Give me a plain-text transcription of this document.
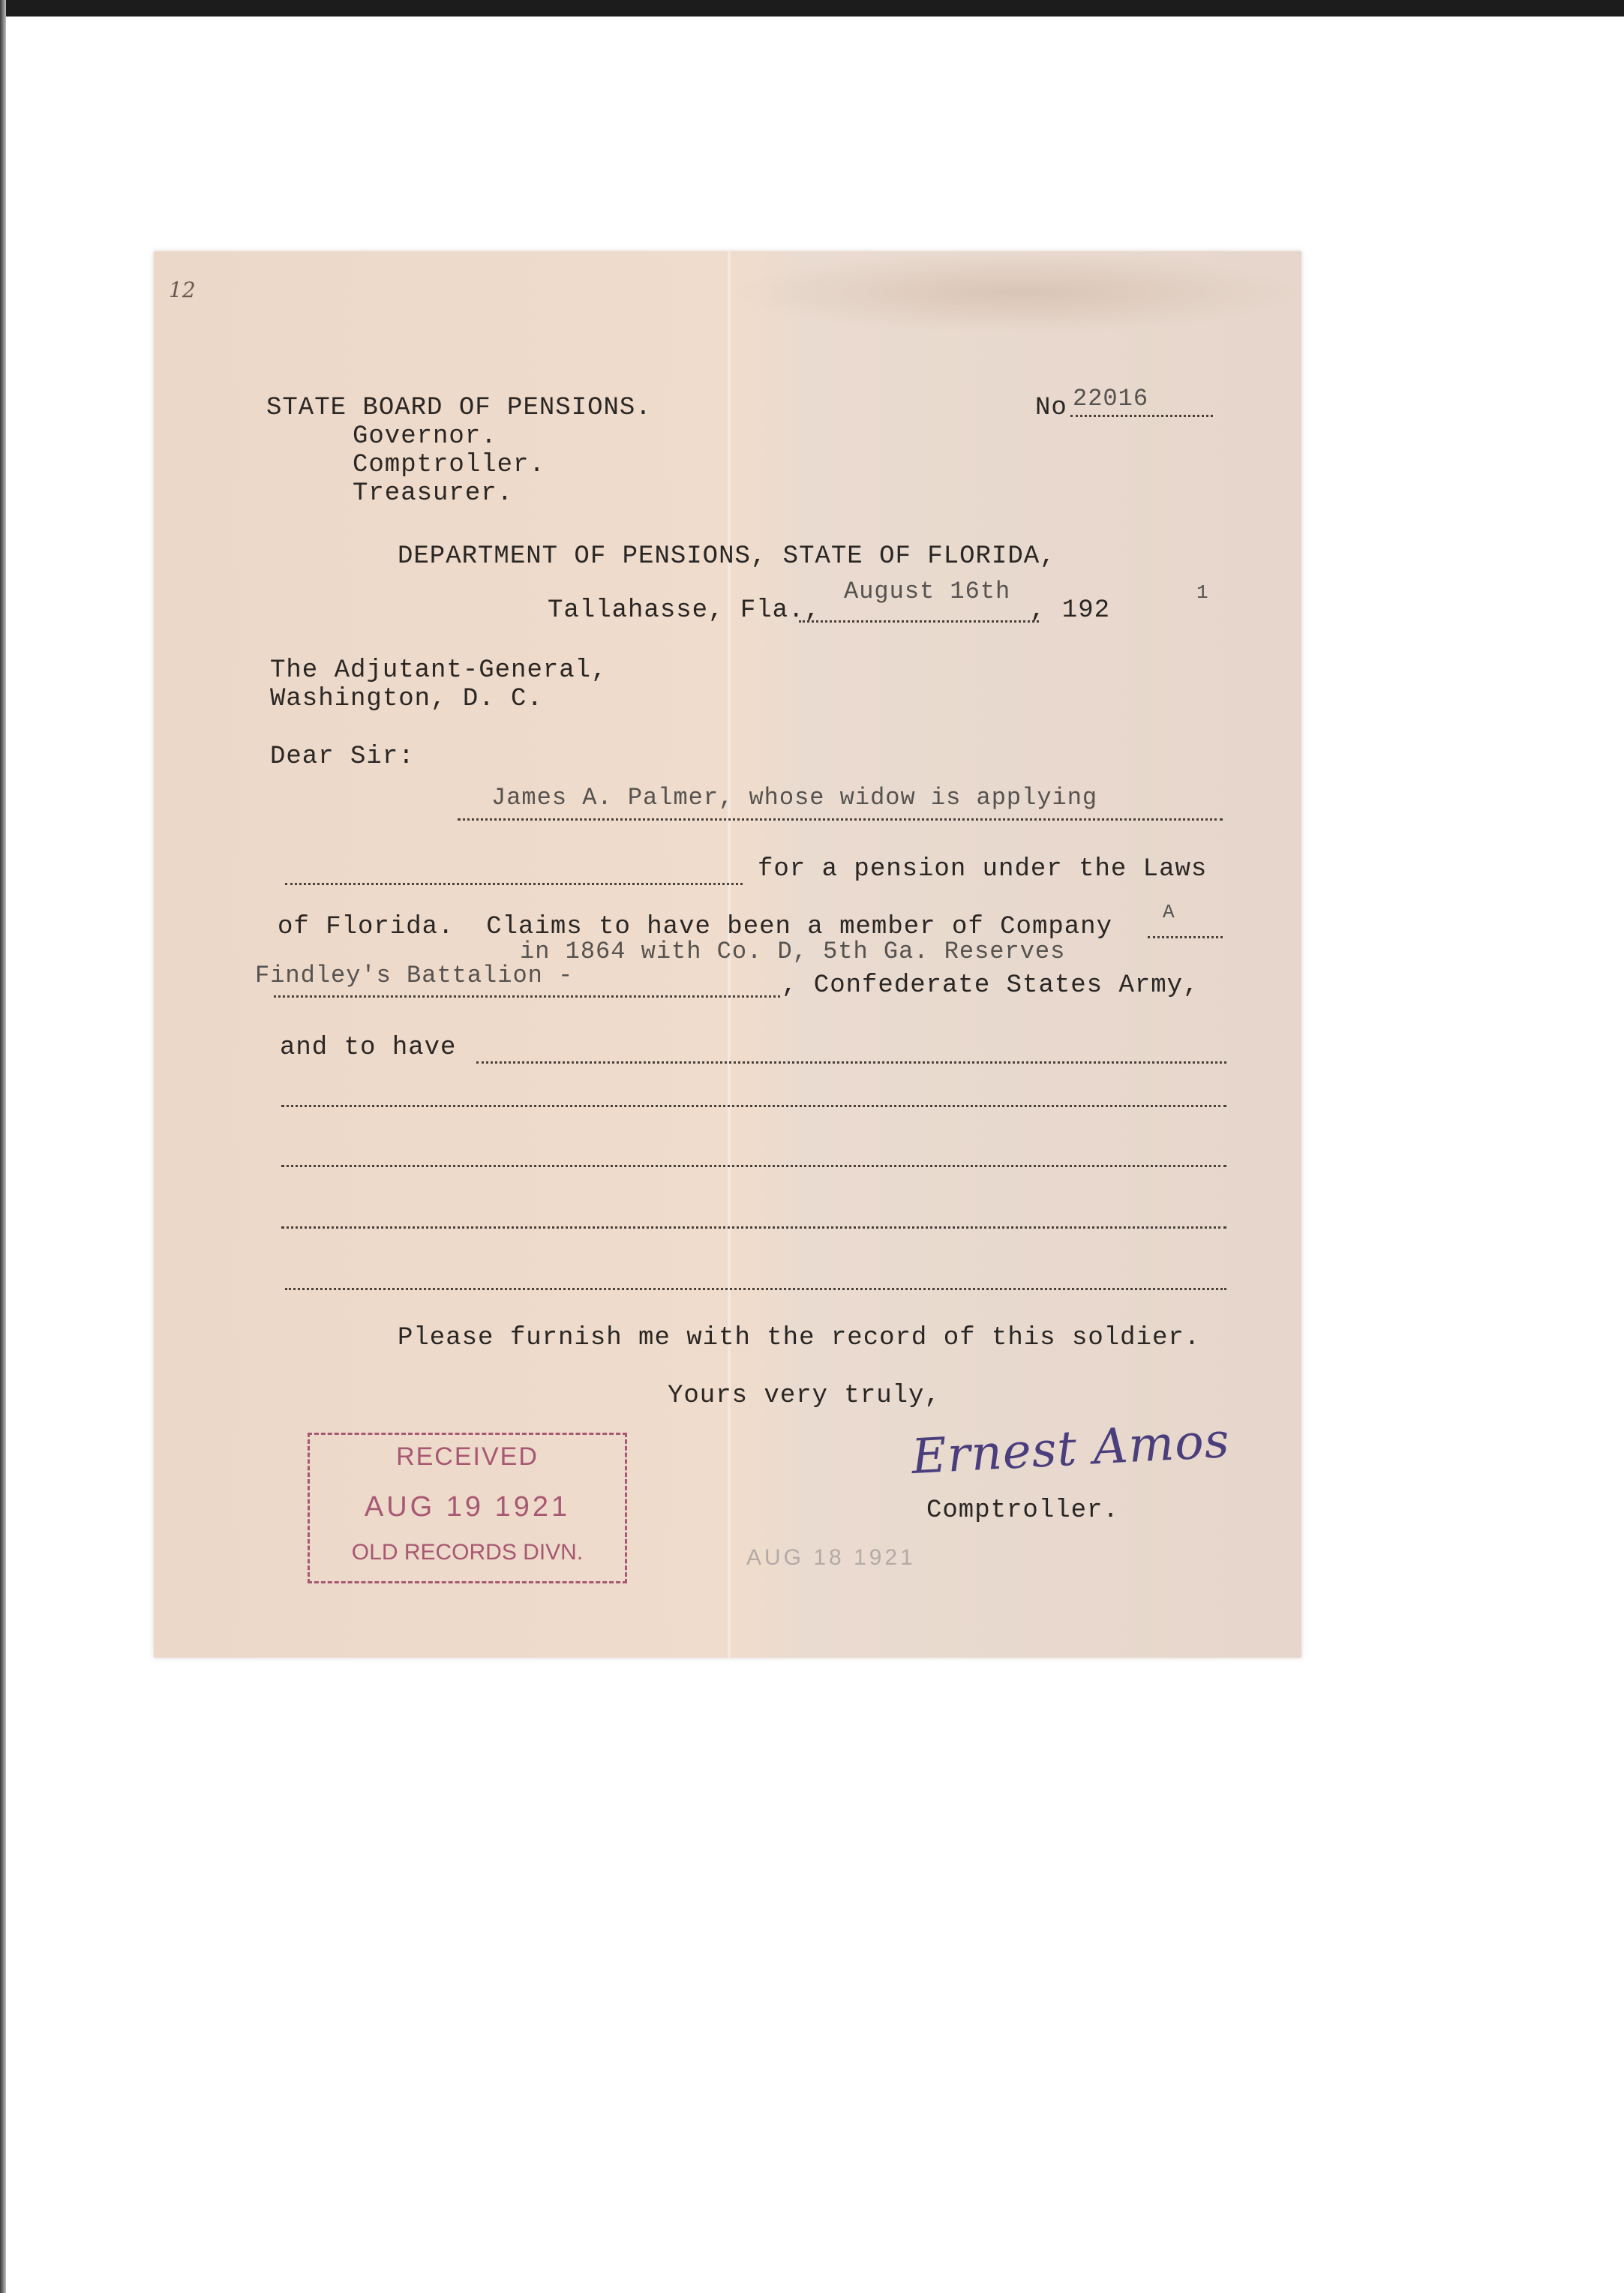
12
STATE BOARD OF PENSIONS.
Governor.
Comptroller.
Treasurer.
No 22016
DEPARTMENT OF PENSIONS, STATE OF FLORIDA,
Tallahasse, Fla.,
August 16th
, 192
1
The Adjutant-General,
Washington, D. C.
Dear Sir:
James A. Palmer, whose widow is applying
for a pension under the Laws
of Florida.  Claims to have been a member of Company
A
in 1864 with Co. D, 5th Ga. Reserves
Findley's Battalion -	, Confederate States Army,
and to have
Please furnish me with the record of this soldier.
Yours very truly,
Ernest Amos
Comptroller.
RECEIVED
AUG 19 1921
OLD RECORDS DIVN.	AUG 18 1921
